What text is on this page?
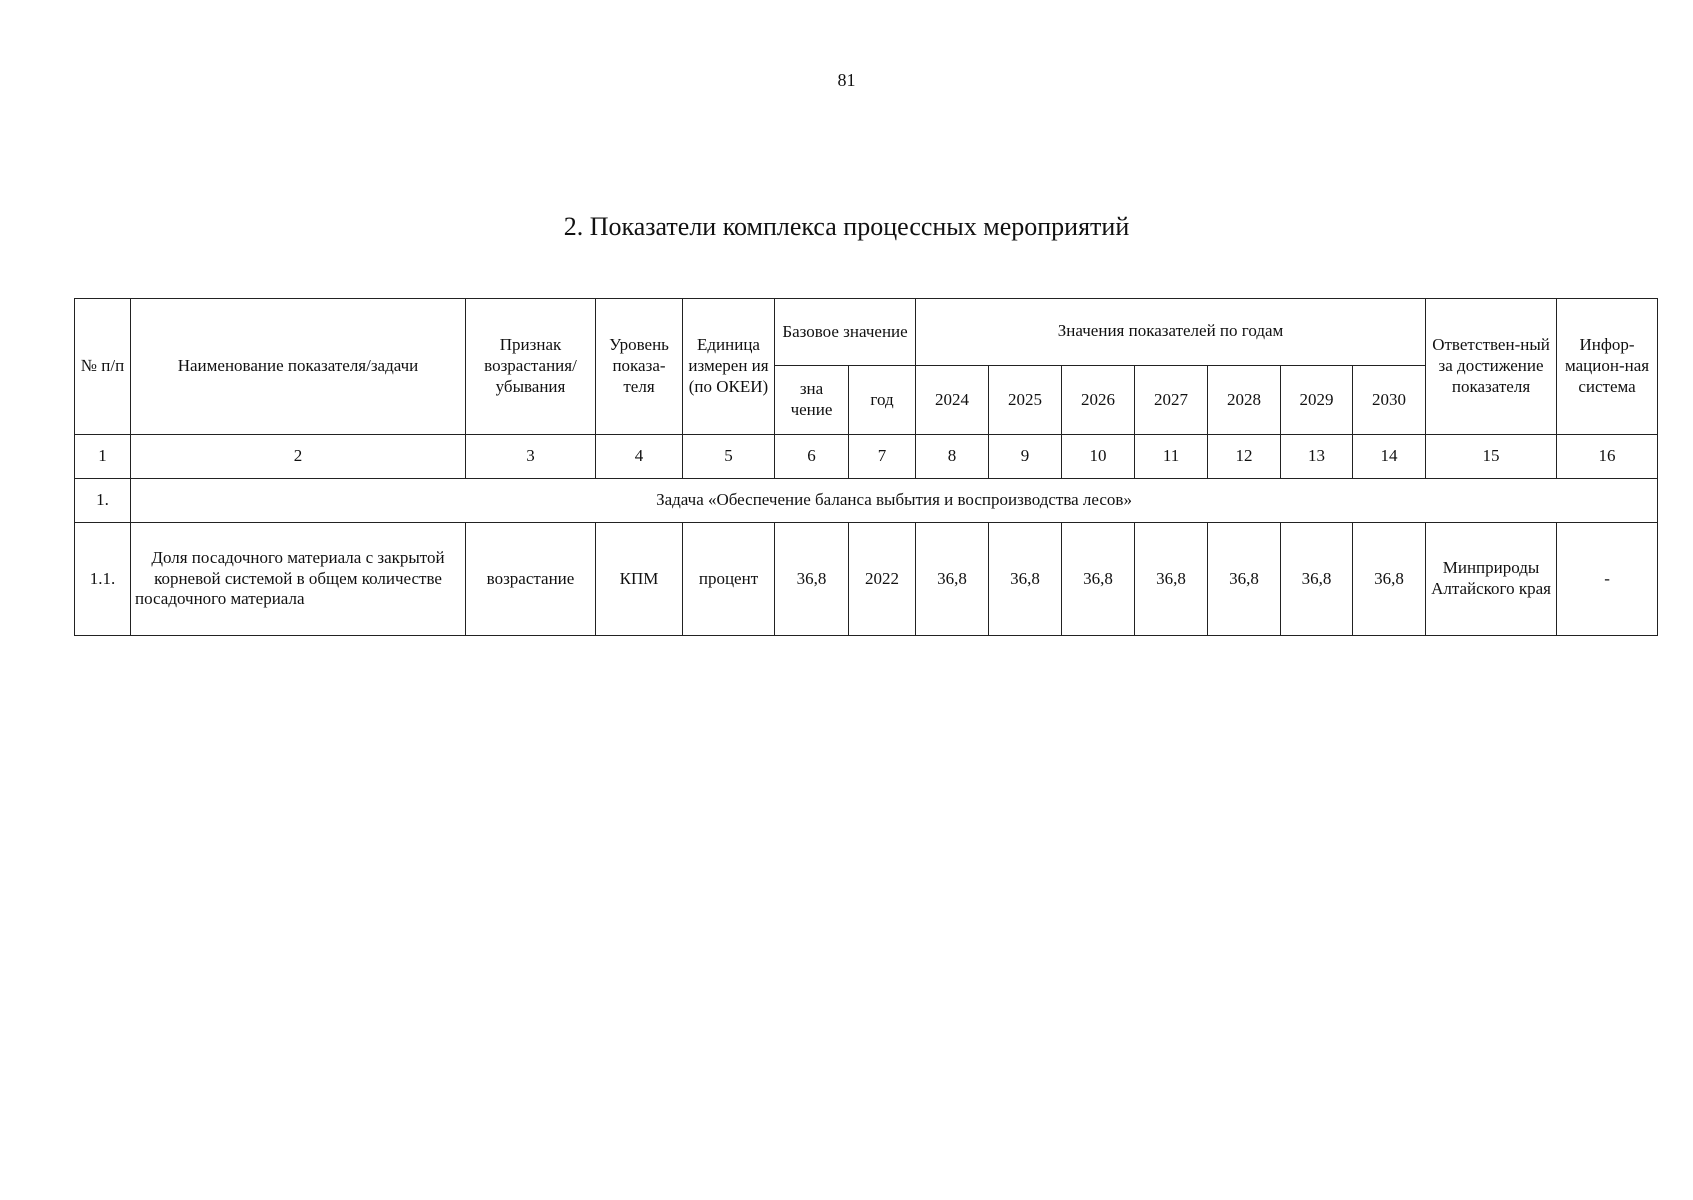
81
2. Показатели комплекса процессных мероприятий
№ п/п	Наименование показателя/задачи	Признак возрастания/ убывания	Уровень показа-теля	Единица измерен ия (по ОКЕИ)	Базовое значение		Значения показателей по годам							Ответствен-ный за достижение показателя	Инфор-мацион-ная система
					зна чение	год	2024	2025	2026	2027	2028	2029	2030		
1	2	3	4	5	6	7	8	9	10	11	12	13	14	15	16
1.	Задача «Обеспечение баланса выбытия и воспроизводства лесов»														
1.1.	Доля посадочного материала с закрытой корневой системой в общем количестве посадочного материала	возрастание	КПМ	процент	36,8	2022	36,8	36,8	36,8	36,8	36,8	36,8	36,8	Минприроды Алтайского края	-
